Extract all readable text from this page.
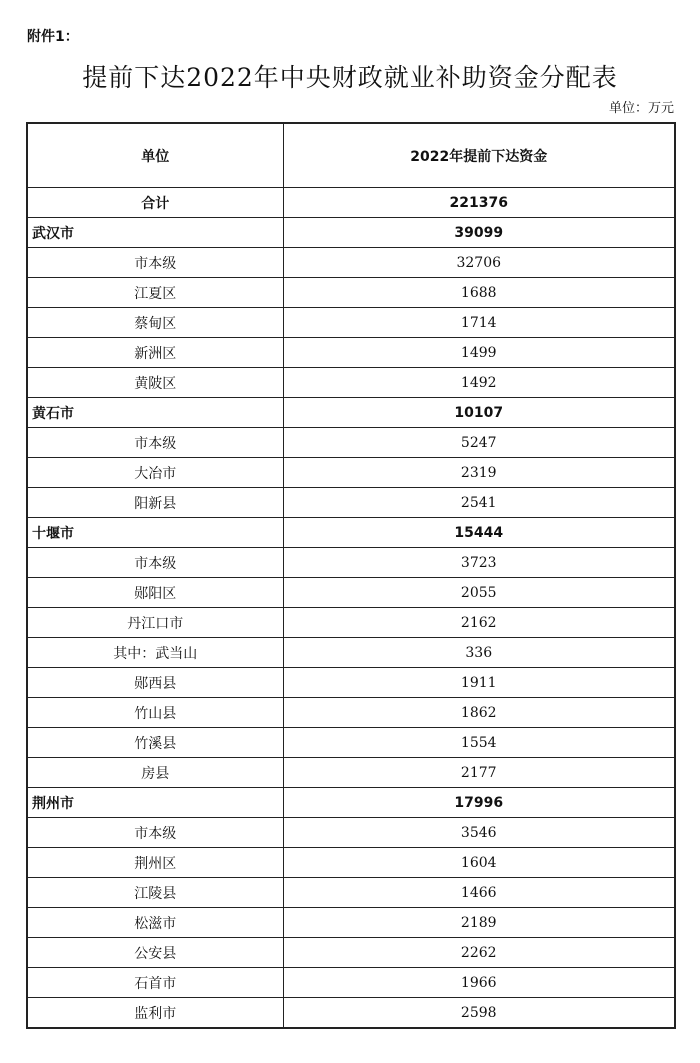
附件1：
提前下达2022年中央财政就业补助资金分配表
单位：万元
单位	2022年提前下达资金
合计	221376
武汉市	39099
市本级	32706
江夏区	1688
蔡甸区	1714
新洲区	1499
黄陂区	1492
黄石市	10107
市本级	5247
大冶市	2319
阳新县	2541
十堰市	15444
市本级	3723
郧阳区	2055
丹江口市	2162
其中：武当山	336
郧西县	1911
竹山县	1862
竹溪县	1554
房县	2177
荆州市	17996
市本级	3546
荆州区	1604
江陵县	1466
松滋市	2189
公安县	2262
石首市	1966
监利市	2598
